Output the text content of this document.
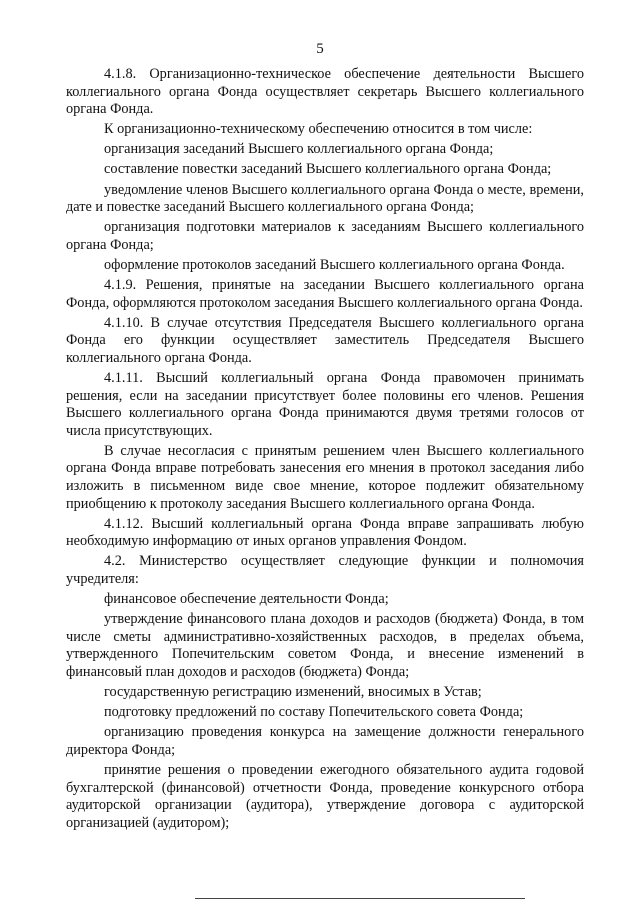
5

4.1.8. Организационно-техническое обеспечение деятельности Высшего коллегиального органа Фонда осуществляет секретарь Высшего коллегиального органа Фонда.

К организационно-техническому обеспечению относится в том числе:

организация заседаний Высшего коллегиального органа Фонда;

составление повестки заседаний Высшего коллегиального органа Фонда;

уведомление членов Высшего коллегиального органа Фонда о месте, времени, дате и повестке заседаний Высшего коллегиального органа Фонда;

организация подготовки материалов к заседаниям Высшего коллегиального органа Фонда;

оформление протоколов заседаний Высшего коллегиального органа Фонда.

4.1.9. Решения, принятые на заседании Высшего коллегиального органа Фонда, оформляются протоколом заседания Высшего коллегиального органа Фонда.

4.1.10. В случае отсутствия Председателя Высшего коллегиального органа Фонда его функции осуществляет заместитель Председателя Высшего коллегиального органа Фонда.

4.1.11. Высший коллегиальный органа Фонда правомочен принимать решения, если на заседании присутствует более половины его членов. Решения Высшего коллегиального органа Фонда принимаются двумя третями голосов от числа присутствующих.

В случае несогласия с принятым решением член Высшего коллегиального органа Фонда вправе потребовать занесения его мнения в протокол заседания либо изложить в письменном виде свое мнение, которое подлежит обязательному приобщению к протоколу заседания Высшего коллегиального органа Фонда.

4.1.12. Высший коллегиальный органа Фонда вправе запрашивать любую необходимую информацию от иных органов управления Фондом.

4.2. Министерство осуществляет следующие функции и полномочия учредителя:

финансовое обеспечение деятельности Фонда;

утверждение финансового плана доходов и расходов (бюджета) Фонда, в том числе сметы административно-хозяйственных расходов, в пределах объема, утвержденного Попечительским советом Фонда, и внесение изменений в финансовый план доходов и расходов (бюджета) Фонда;

государственную регистрацию изменений, вносимых в Устав;

подготовку предложений по составу Попечительского совета Фонда;

организацию проведения конкурса на замещение должности генерального директора Фонда;

принятие решения о проведении ежегодного обязательного аудита годовой бухгалтерской (финансовой) отчетности Фонда, проведение конкурсного отбора аудиторской организации (аудитора), утверждение договора с аудиторской организацией (аудитором);
